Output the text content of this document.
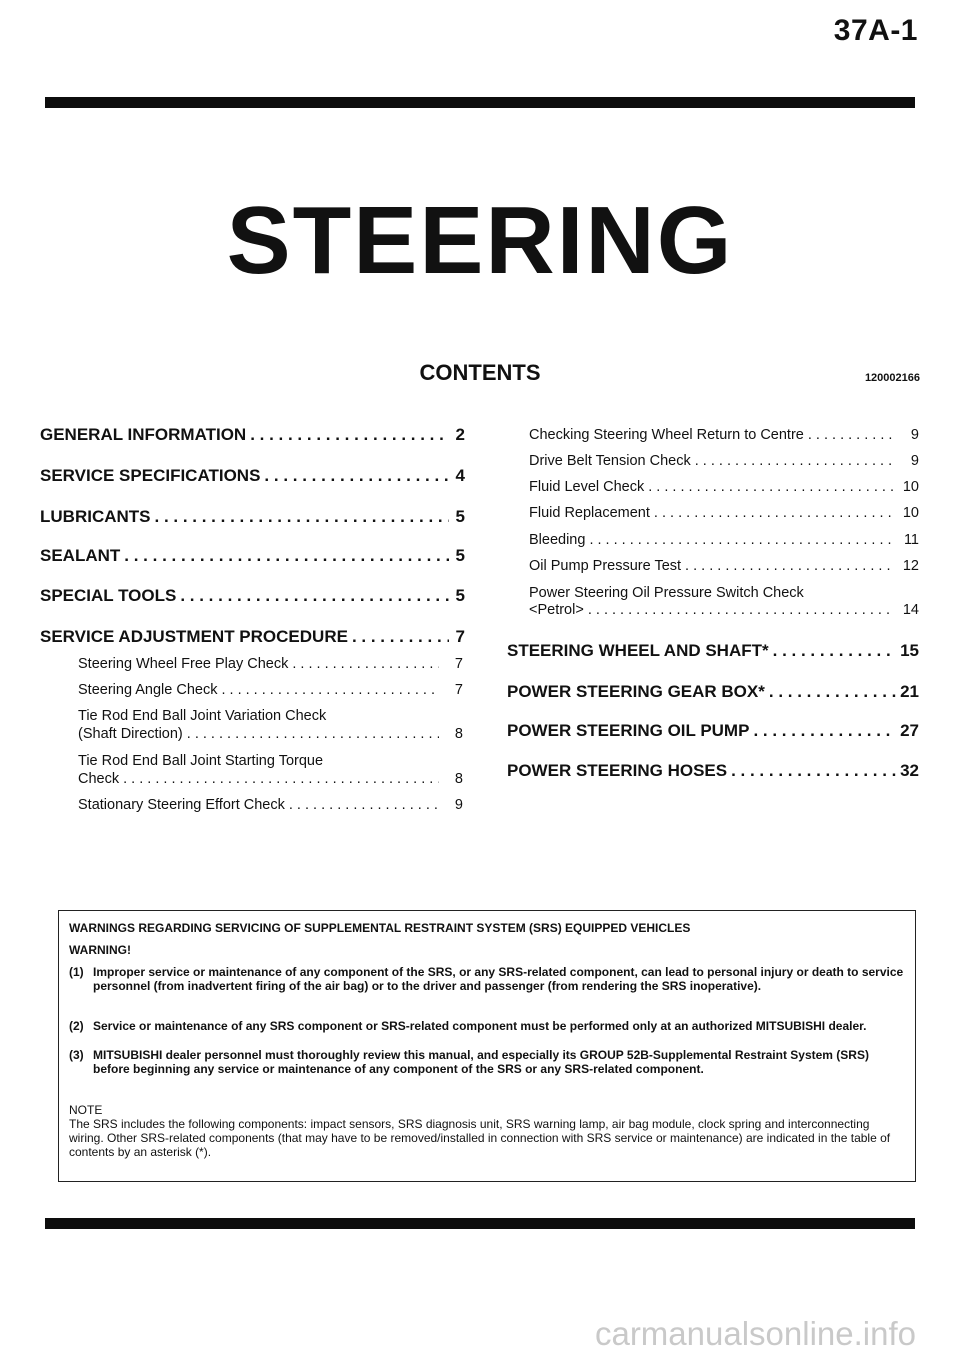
37A-1
STEERING
CONTENTS	120002166
GENERAL INFORMATION . . .	2
SERVICE SPECIFICATIONS . . .	4
LUBRICANTS . . .	5
SEALANT . . .	5
SPECIAL TOOLS . . .	5
SERVICE ADJUSTMENT PROCEDURE . . .	7
Steering Wheel Free Play Check . . .	7
Steering Angle Check . . .	7
Tie Rod End Ball Joint Variation Check
(Shaft Direction) . . .	8
Tie Rod End Ball Joint Starting Torque
Check . . .	8
Stationary Steering Effort Check . . .	9
Checking Steering Wheel Return to Centre . . .	9
Drive Belt Tension Check . . .	9
Fluid Level Check . . .	10
Fluid Replacement . . .	10
Bleeding . . .	11
Oil Pump Pressure Test . . .	12
Power Steering Oil Pressure Switch Check
<Petrol> . . .	14
STEERING WHEEL AND SHAFT* . . .	15
POWER STEERING GEAR BOX* . . .	21
POWER STEERING OIL PUMP . . .	27
POWER STEERING HOSES . . .	32
WARNINGS REGARDING SERVICING OF SUPPLEMENTAL RESTRAINT SYSTEM (SRS) EQUIPPED VEHICLES
WARNING!
(1) Improper service or maintenance of any component of the SRS, or any SRS-related component, can lead to personal injury or death to service personnel (from inadvertent firing of the air bag) or to the driver and passenger (from rendering the SRS inoperative).
(2) Service or maintenance of any SRS component or SRS-related component must be performed only at an authorized MITSUBISHI dealer.
(3) MITSUBISHI dealer personnel must thoroughly review this manual, and especially its GROUP 52B-Supplemental Restraint System (SRS) before beginning any service or maintenance of any component of the SRS or any SRS-related component.
NOTE
The SRS includes the following components: impact sensors, SRS diagnosis unit, SRS warning lamp, air bag module, clock spring and interconnecting wiring. Other SRS-related components (that may have to be removed/installed in connection with SRS service or maintenance) are indicated in the table of contents by an asterisk (*).
carmanualsonline.info
